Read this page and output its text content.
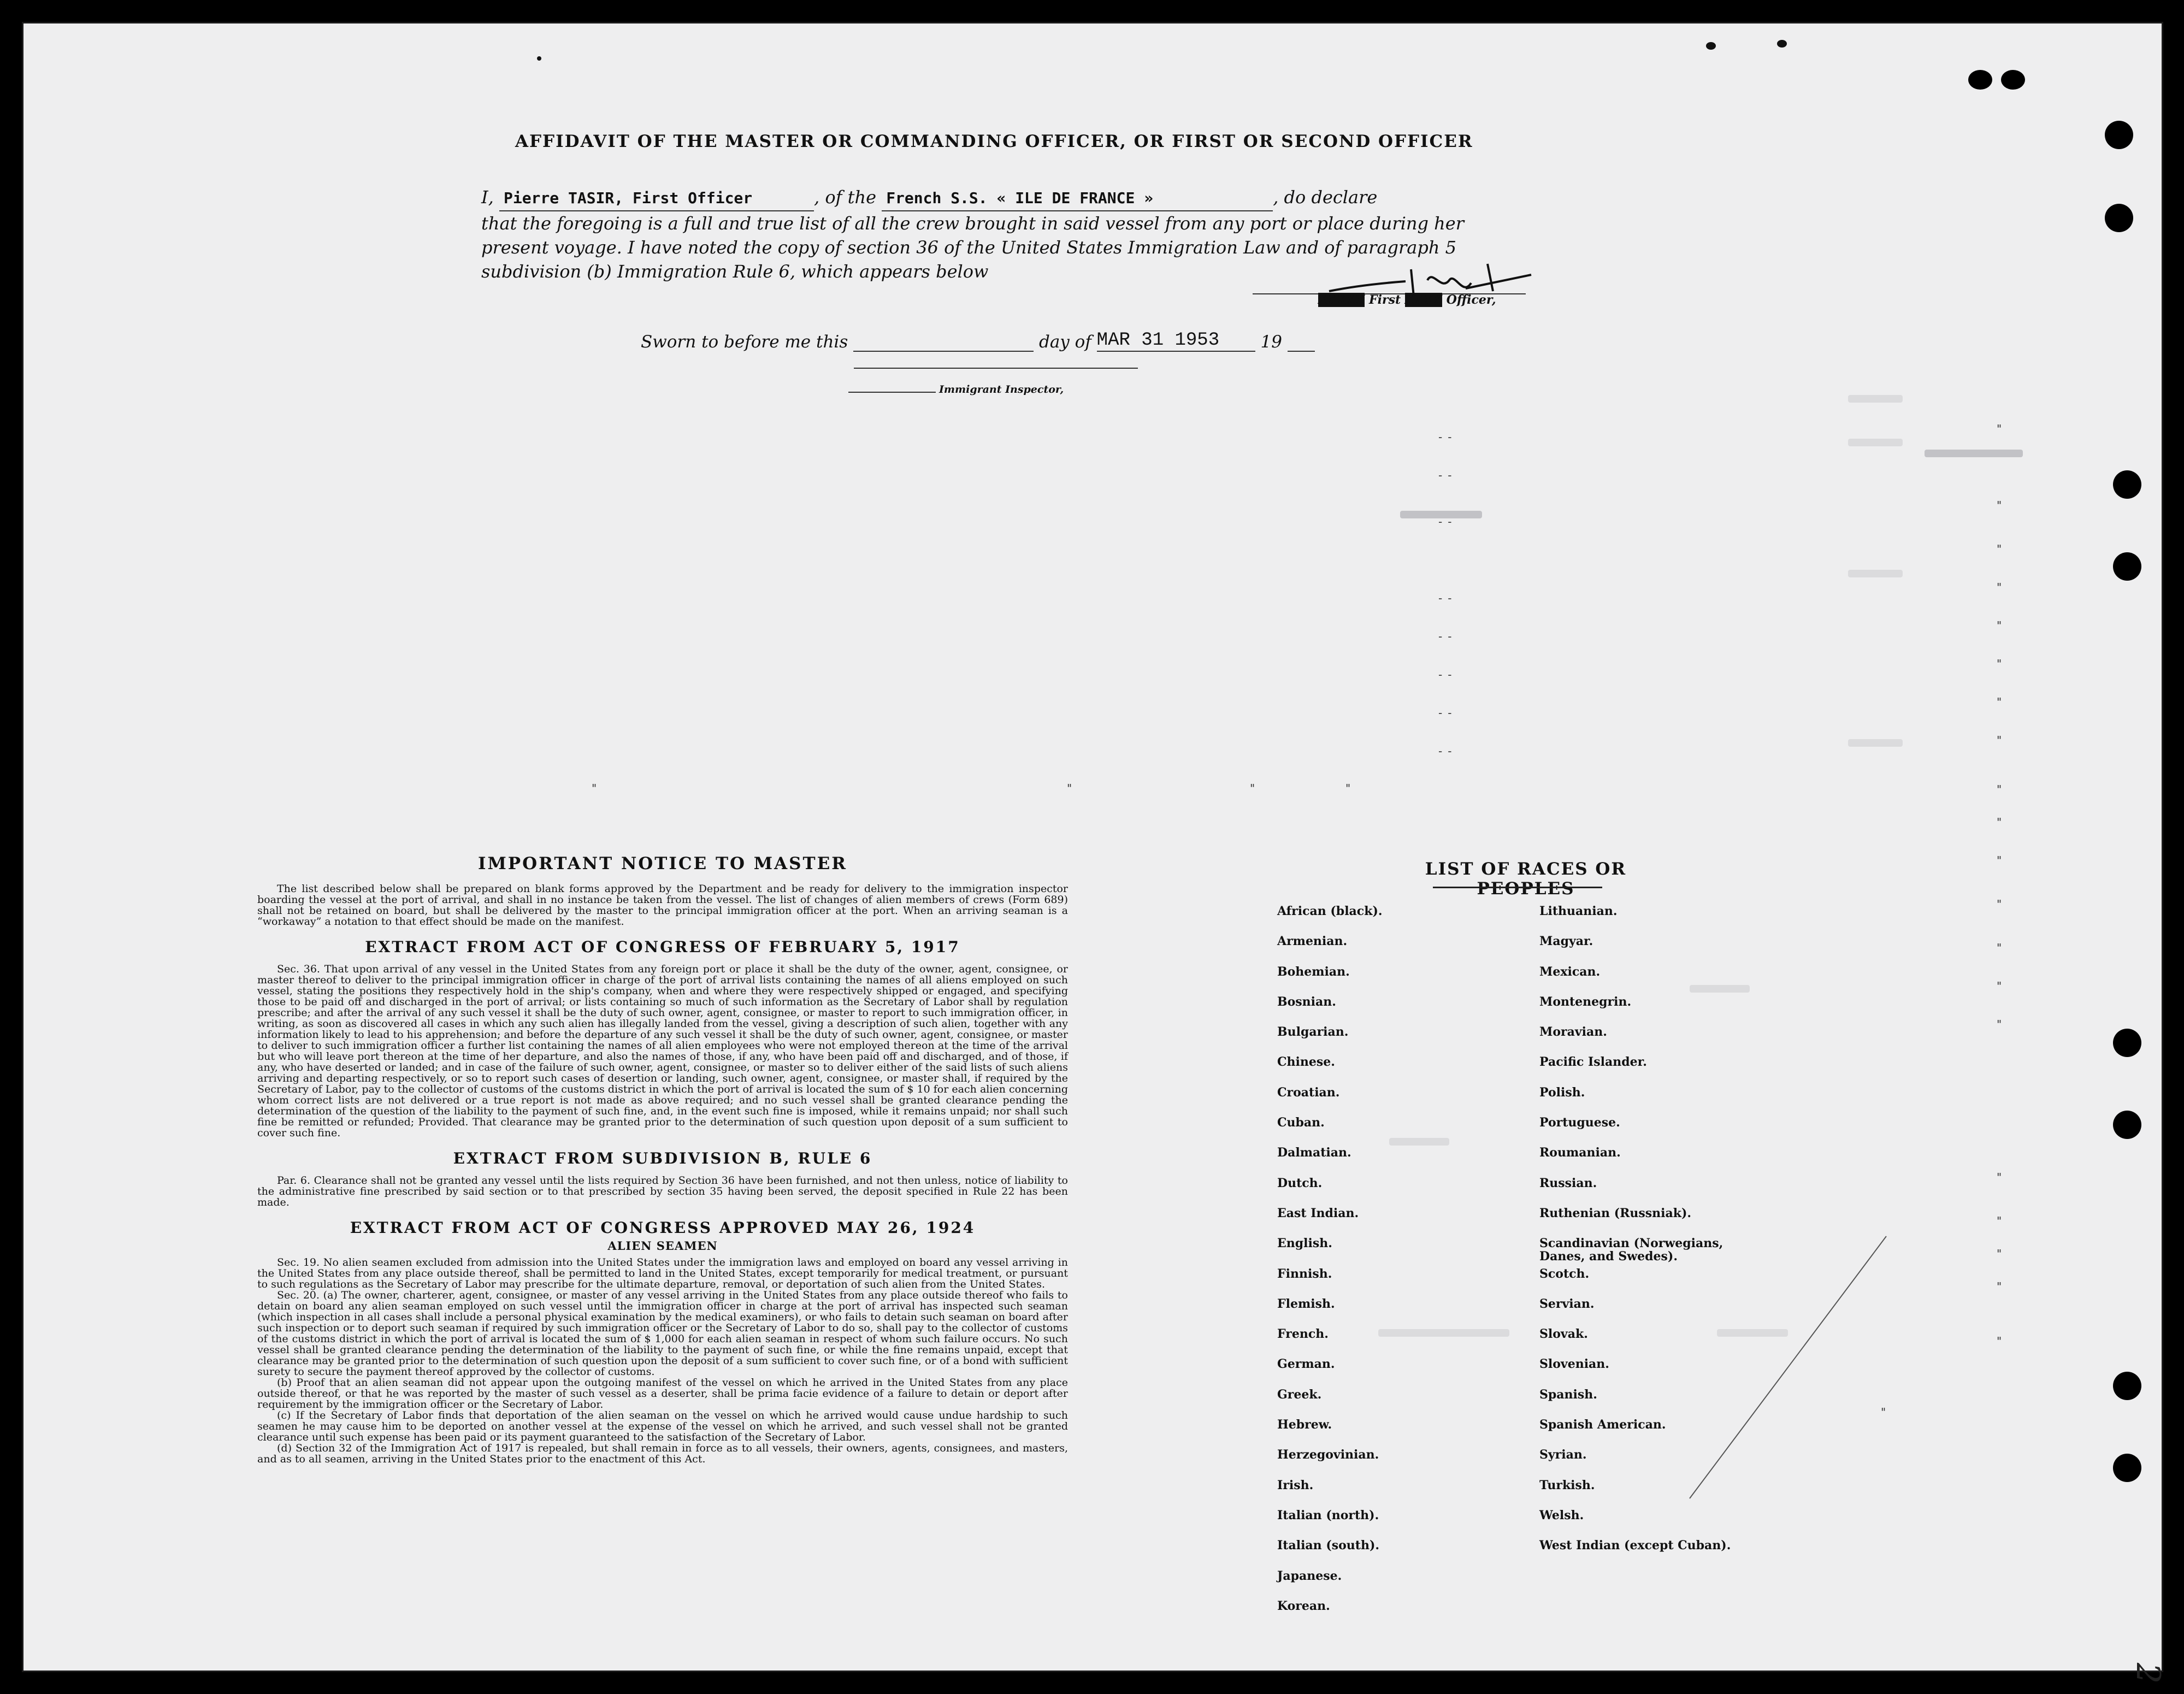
AFFIDAVIT OF THE MASTER OR COMMANDING OFFICER, OR FIRST OR SECOND OFFICER
I, Pierre TASIR, First Officer	, of the French S.S. « ILE DE FRANCE »	, do declare
that the foregoing is a full and true list of all the crew brought in said vessel from any port or place during her present voyage. I have noted the copy of section 36 of the United States Immigration Law and of paragraph 5 subdivision (b) Immigration Rule 6, which appears below
XXXXX First XXXX Officer,
Sworn to before me this	day of MAR 31 1953 19
Immigrant Inspector,
"
"
"
"
"
"
"
"
"
"
"
"
"
"
"
"
"
"
"
"
"
"	"	"	"
--
--
--
--
--
--
--
--
IMPORTANT NOTICE TO MASTER

The list described below shall be prepared on blank forms approved by the Department and be ready for delivery to the immigration inspector boarding the vessel at the port of arrival, and shall in no instance be taken from the vessel. The list of changes of alien members of crews (Form 689) shall not be retained on board, but shall be delivered by the master to the principal immigration officer at the port. When an arriving seaman is a “workaway” a notation to that effect should be made on the manifest.

EXTRACT FROM ACT OF CONGRESS OF FEBRUARY 5, 1917

Sec. 36. That upon arrival of any vessel in the United States from any foreign port or place it shall be the duty of the owner, agent, consignee, or master thereof to deliver to the principal immigration officer in charge of the port of arrival lists containing the names of all aliens employed on such vessel, stating the positions they respectively hold in the ship's company, when and where they were respectively shipped or engaged, and specifying those to be paid off and discharged in the port of arrival; or lists containing so much of such information as the Secretary of Labor shall by regulation prescribe; and after the arrival of any such vessel it shall be the duty of such owner, agent, consignee, or master to report to such immigration officer, in writing, as soon as discovered all cases in which any such alien has illegally landed from the vessel, giving a description of such alien, together with any information likely to lead to his apprehension; and before the departure of any such vessel it shall be the duty of such owner, agent, consignee, or master to deliver to such immigration officer a further list containing the names of all alien employees who were not employed thereon at the time of the arrival but who will leave port thereon at the time of her departure, and also the names of those, if any, who have been paid off and discharged, and of those, if any, who have deserted or landed; and in case of the failure of such owner, agent, consignee, or master so to deliver either of the said lists of such aliens arriving and departing respectively, or so to report such cases of desertion or landing, such owner, agent, consignee, or master shall, if required by the Secretary of Labor, pay to the collector of customs of the customs district in which the port of arrival is located the sum of $ 10 for each alien concerning whom correct lists are not delivered or a true report is not made as above required; and no such vessel shall be granted clearance pending the determination of the question of the liability to the payment of such fine, and, in the event such fine is imposed, while it remains unpaid; nor shall such fine be remitted or refunded; Provided. That clearance may be granted prior to the determination of such question upon deposit of a sum sufficient to cover such fine.

EXTRACT FROM SUBDIVISION B, RULE 6

Par. 6. Clearance shall not be granted any vessel until the lists required by Section 36 have been furnished, and not then unless, notice of liability to the administrative fine prescribed by said section or to that prescribed by section 35 having been served, the deposit specified in Rule 22 has been made.

EXTRACT FROM ACT OF CONGRESS APPROVED MAY 26, 1924
ALIEN SEAMEN

Sec. 19. No alien seamen excluded from admission into the United States under the immigration laws and employed on board any vessel arriving in the United States from any place outside thereof, shall be permitted to land in the United States, except temporarily for medical treatment, or pursuant to such regulations as the Secretary of Labor may prescribe for the ultimate departure, removal, or deportation of such alien from the United States.

Sec. 20. (a) The owner, charterer, agent, consignee, or master of any vessel arriving in the United States from any place outside thereof who fails to detain on board any alien seaman employed on such vessel until the immigration officer in charge at the port of arrival has inspected such seaman (which inspection in all cases shall include a personal physical examination by the medical examiners), or who fails to detain such seaman on board after such inspection or to deport such seaman if required by such immigration officer or the Secretary of Labor to do so, shall pay to the collector of customs of the customs district in which the port of arrival is located the sum of $ 1,000 for each alien seaman in respect of whom such failure occurs. No such vessel shall be granted clearance pending the determination of the liability to the payment of such fine, or while the fine remains unpaid, except that clearance may be granted prior to the determination of such question upon the deposit of a sum sufficient to cover such fine, or of a bond with sufficient surety to secure the payment thereof approved by the collector of customs.

(b) Proof that an alien seaman did not appear upon the outgoing manifest of the vessel on which he arrived in the United States from any place outside thereof, or that he was reported by the master of such vessel as a deserter, shall be prima facie evidence of a failure to detain or deport after requirement by the immigration officer or the Secretary of Labor.

(c) If the Secretary of Labor finds that deportation of the alien seaman on the vessel on which he arrived would cause undue hardship to such seamen he may cause him to be deported on another vessel at the expense of the vessel on which he arrived, and such vessel shall not be granted clearance until such expense has been paid or its payment guaranteed to the satisfaction of the Secretary of Labor.

(d) Section 32 of the Immigration Act of 1917 is repealed, but shall remain in force as to all vessels, their owners, agents, consignees, and masters, and as to all seamen, arriving in the United States prior to the enactment of this Act.

LIST OF RACES OR PEOPLES
African (black).
Armenian.
Bohemian.
Bosnian.
Bulgarian.
Chinese.
Croatian.
Cuban.
Dalmatian.
Dutch.
East Indian.
English.
Finnish.
Flemish.
French.
German.
Greek.
Hebrew.
Herzegovinian.
Irish.
Italian (north).
Italian (south).
Japanese.
Korean.
Lithuanian.
Magyar.
Mexican.
Montenegrin.
Moravian.
Pacific Islander.
Polish.
Portuguese.
Roumanian.
Russian.
Ruthenian (Russniak).
Scandinavian (Norwegians, Danes, and Swedes).
Scotch.
Servian.
Slovak.
Slovenian.
Spanish.
Spanish American.
Syrian.
Turkish.
Welsh.
West Indian (except Cuban).
2
